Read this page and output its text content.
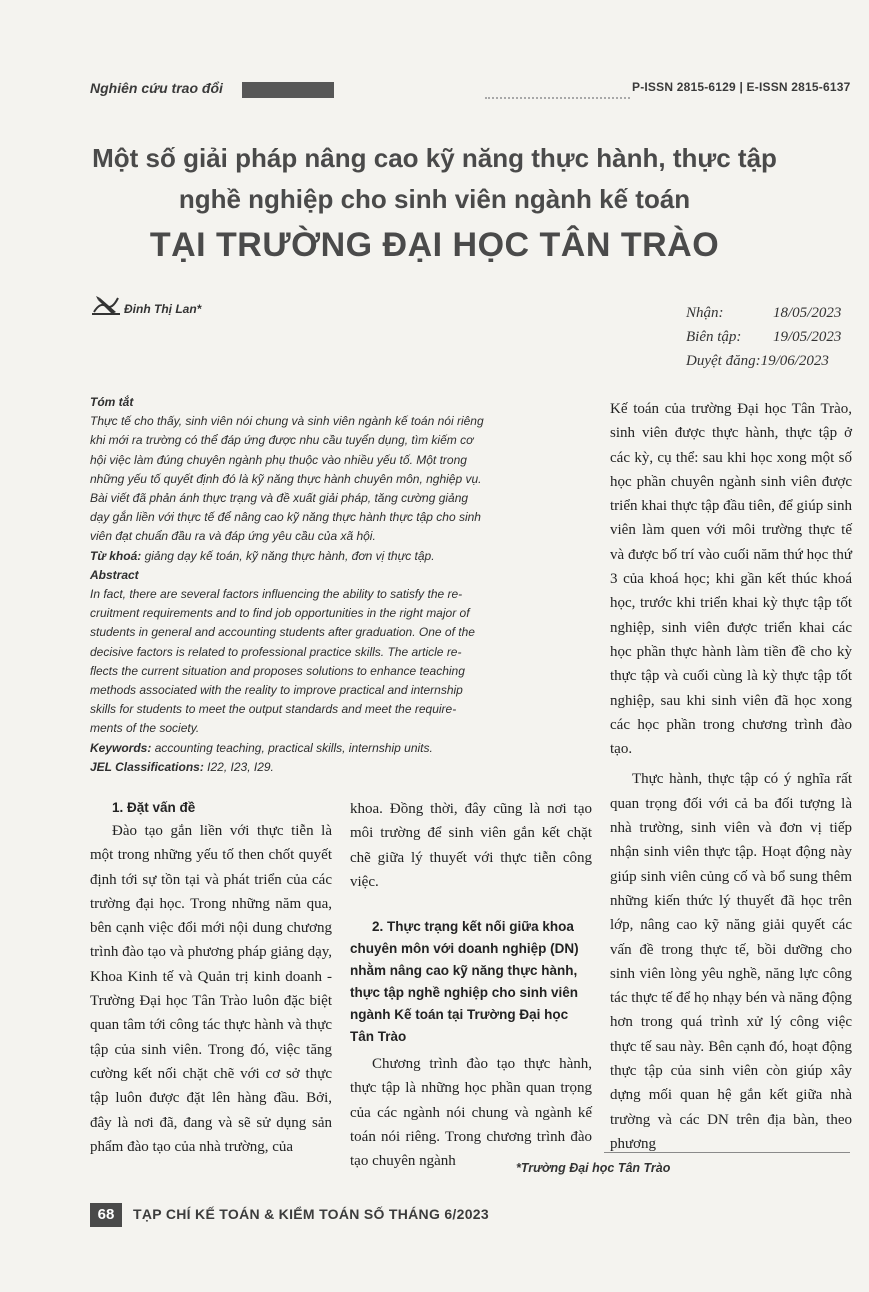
Nghiên cứu trao đổi	P-ISSN 2815-6129 | E-ISSN 2815-6137
Một số giải pháp nâng cao kỹ năng thực hành, thực tập
nghề nghiệp cho sinh viên ngành kế toán
TẠI TRƯỜNG ĐẠI HỌC TÂN TRÀO
Đinh Thị Lan*	Nhận:	18/05/2023
Biên tập:	19/05/2023
Duyệt đăng: 19/06/2023
Tóm tắt
Thực tế cho thấy, sinh viên nói chung và sinh viên ngành kế toán nói riêng
khi mới ra trường có thể đáp ứng được nhu cầu tuyển dụng, tìm kiếm cơ
hội việc làm đúng chuyên ngành phụ thuộc vào nhiều yếu tố. Một trong
những yếu tố quyết định đó là kỹ năng thực hành chuyên môn, nghiệp vụ.
Bài viết đã phản ánh thực trạng và đề xuất giải pháp, tăng cường giảng
dạy gắn liền với thực tế để nâng cao kỹ năng thực hành thực tập cho sinh
viên đạt chuẩn đầu ra và đáp ứng yêu cầu của xã hội.
Từ khoá: giảng dạy kế toán, kỹ năng thực hành, đơn vị thực tập.
Abstract
In fact, there are several factors influencing the ability to satisfy the re-
cruitment requirements and to find job opportunities in the right major of
students in general and accounting students after graduation. One of the
decisive factors is related to professional practice skills. The article re-
flects the current situation and proposes solutions to enhance teaching
methods associated with the reality to improve practical and internship
skills for students to meet the output standards and meet the require-
ments of the society.
Keywords: accounting teaching, practical skills, internship units.
JEL Classifications: I22, I23, I29.

1. Đặt vấn đề

Đào tạo gắn liền với thực tiễn là một trong những yếu tố then chốt quyết định tới sự tồn tại và phát triển của các trường đại học. Trong những năm qua, bên cạnh việc đổi mới nội dung chương trình đào tạo và phương pháp giảng dạy, Khoa Kinh tế và Quản trị kinh doanh - Trường Đại học Tân Trào luôn đặc biệt quan tâm tới công tác thực hành và thực tập của sinh viên. Trong đó, việc tăng cường kết nối chặt chẽ với cơ sở thực tập luôn được đặt lên hàng đầu. Bởi, đây là nơi đã, đang và sẽ sử dụng sản phẩm đào tạo của nhà trường, của

khoa. Đồng thời, đây cũng là nơi tạo môi trường để sinh viên gắn kết chặt chẽ giữa lý thuyết với thực tiễn công việc.

2. Thực trạng kết nối giữa khoa chuyên môn với doanh nghiệp (DN) nhằm nâng cao kỹ năng thực hành, thực tập nghề nghiệp cho sinh viên ngành Kế toán tại Trường Đại học Tân Trào

Chương trình đào tạo thực hành, thực tập là những học phần quan trọng của các ngành nói chung và ngành kế toán nói riêng. Trong chương trình đào tạo chuyên ngành

Kế toán của trường Đại học Tân Trào, sinh viên được thực hành, thực tập ở các kỳ, cụ thể: sau khi học xong một số học phần chuyên ngành sinh viên được triển khai thực tập đầu tiên, để giúp sinh viên làm quen với môi trường thực tế và được bố trí vào cuối năm thứ học thứ 3 của khoá học; khi gần kết thúc khoá học, trước khi triển khai kỳ thực tập tốt nghiệp, sinh viên được triển khai các học phần thực hành làm tiền đề cho kỳ thực tập và cuối cùng là kỳ thực tập tốt nghiệp, sau khi sinh viên đã học xong các học phần trong chương trình đào tạo.

Thực hành, thực tập có ý nghĩa rất quan trọng đối với cả ba đối tượng là nhà trường, sinh viên và đơn vị tiếp nhận sinh viên thực tập. Hoạt động này giúp sinh viên củng cố và bổ sung thêm những kiến thức lý thuyết đã học trên lớp, nâng cao kỹ năng giải quyết các vấn đề trong thực tế, bồi dưỡng cho sinh viên lòng yêu nghề, năng lực công tác thực tế để họ nhạy bén và năng động hơn trong quá trình xử lý công việc thực tế sau này. Bên cạnh đó, hoạt động thực tập của sinh viên còn giúp xây dựng mối quan hệ gắn kết giữa nhà trường và các DN trên địa bàn, theo phương

*Trường Đại học Tân Trào
68	TẠP CHÍ KẾ TOÁN & KIỂM TOÁN SỐ THÁNG 6/2023
